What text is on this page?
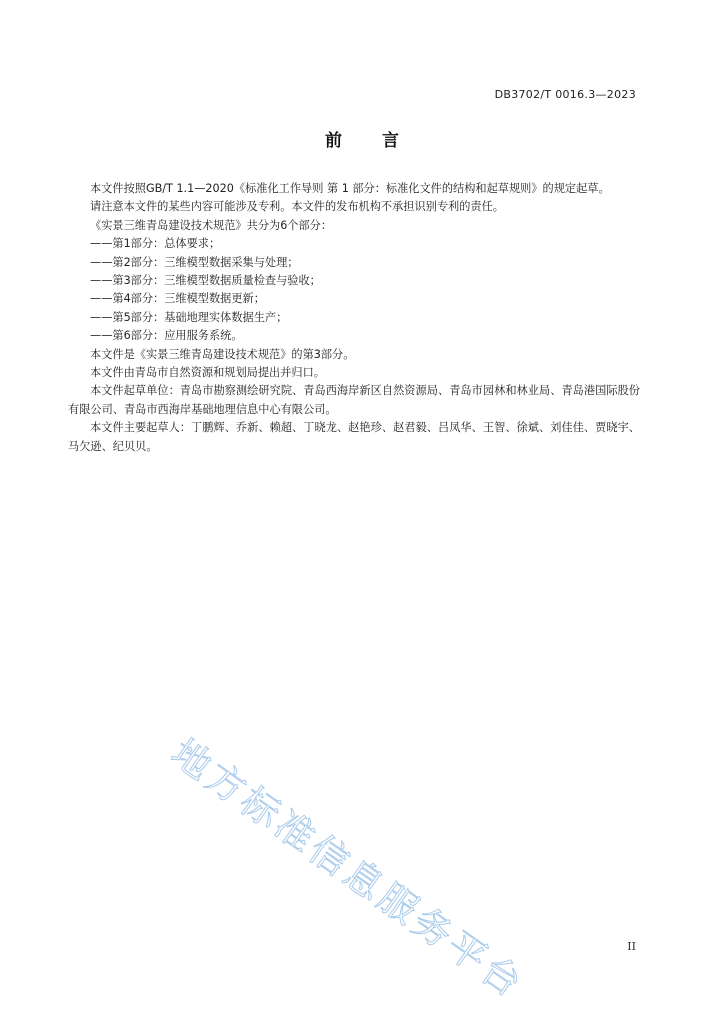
DB3702/T 0016.3—2023
前言

本文件按照GB/T 1.1—2020《标准化工作导则 第 1 部分：标准化文件的结构和起草规则》的规定起草。

请注意本文件的某些内容可能涉及专利。本文件的发布机构不承担识别专利的责任。

《实景三维青岛建设技术规范》共分为6个部分：

——第1部分：总体要求；

——第2部分：三维模型数据采集与处理；

——第3部分：三维模型数据质量检查与验收；

——第4部分：三维模型数据更新；

——第5部分：基础地理实体数据生产；

——第6部分：应用服务系统。

本文件是《实景三维青岛建设技术规范》的第3部分。

本文件由青岛市自然资源和规划局提出并归口。

本文件起草单位：青岛市勘察测绘研究院、青岛西海岸新区自然资源局、青岛市园林和林业局、青岛港国际股份有限公司、青岛市西海岸基础地理信息中心有限公司。

本文件主要起草人：丁鹏辉、乔新、赖超、丁晓龙、赵艳珍、赵君毅、吕凤华、王智、徐斌、刘佳佳、贾晓宇、马欠逊、纪贝贝。

地方标准信息服务平台	II
